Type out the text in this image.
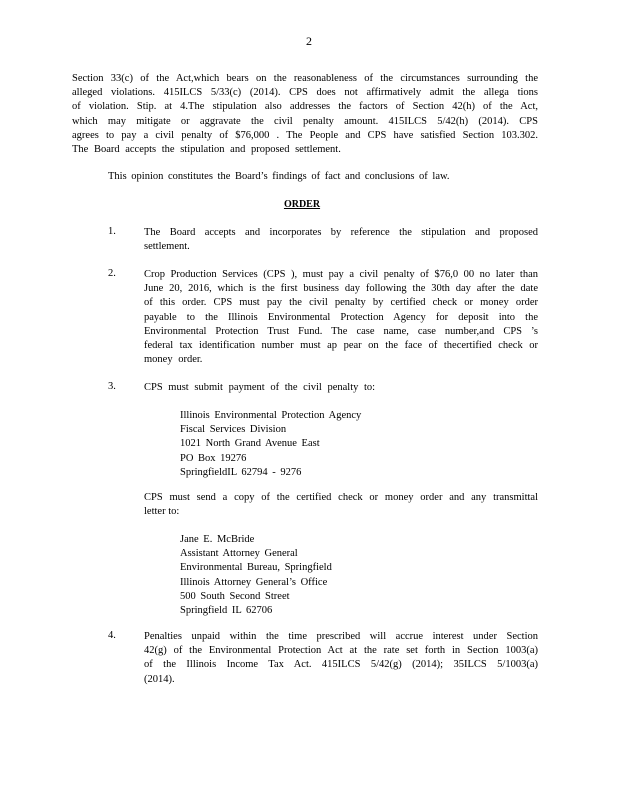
2
Section 33(c) of the Act,which bears on the reasonableness of the circumstances surrounding the
alleged violations. 415ILCS 5/33(c) (2014). CPS does not affirmatively admit the allega tions
of violation. Stip. at 4.The stipulation also addresses the factors of Section 42(h) of the Act,
which may mitigate or aggravate the civil penalty amount. 415ILCS 5/42(h) (2014). CPS
agrees to pay a civil penalty of $76,000 . The People and CPS have satisfied Section 103.302.
The Board accepts the stipulation and proposed settlement.
This opinion constitutes the Board’s findings of fact and conclusions of law.
ORDER
1.	The Board accepts and incorporates by reference the stipulation and proposed
settlement.
2.	Crop Production Services (CPS ), must pay a civil penalty of $76,0 00 no later than
June 20, 2016, which is the first business day following the 30th day after the date
of this order. CPS must pay the civil penalty by certified check or money order
payable to the Illinois Environmental Protection Agency for deposit into the
Environmental Protection Trust Fund. The case name, case number,and CPS ’s
federal tax identification number must ap pear on the face of thecertified check or
money order.
3.	CPS must submit payment of the civil penalty to:
Illinois Environmental Protection Agency
Fiscal Services Division
1021 North Grand Avenue East
PO Box 19276
SpringfieldIL 62794 - 9276
CPS must send a copy of the certified check or money order and any transmittal
letter to:
Jane E. McBride
Assistant Attorney General
Environmental Bureau, Springfield
Illinois Attorney General’s Office
500 South Second Street
Springfield IL 62706
4.	Penalties unpaid within the time prescribed will accrue interest under Section
42(g) of the Environmental Protection Act at the rate set forth in Section 1003(a)
of the Illinois Income Tax Act. 415ILCS 5/42(g) (2014); 35ILCS 5/1003(a)
(2014).
